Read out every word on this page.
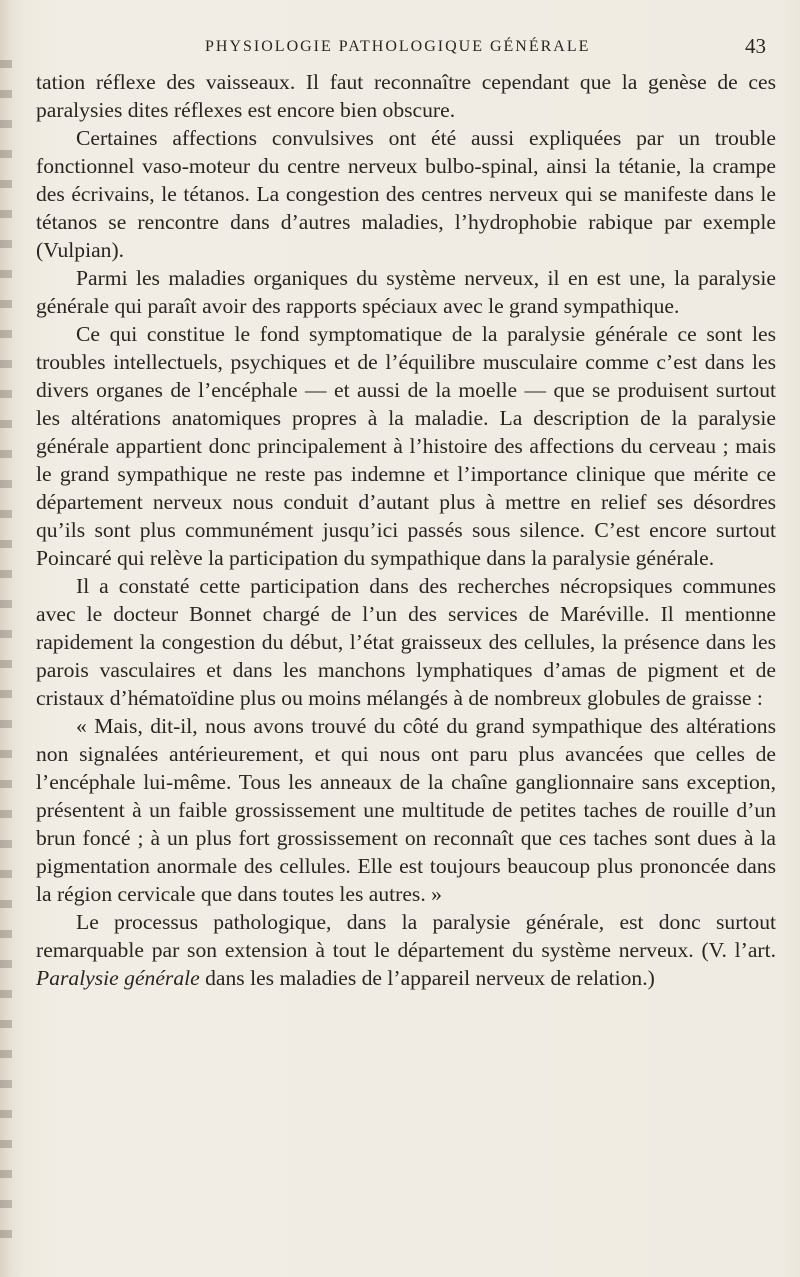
PHYSIOLOGIE PATHOLOGIQUE GÉNÉRALE	43

tation réflexe des vaisseaux. Il faut reconnaître cependant que la genèse de ces paralysies dites réflexes est encore bien obscure.

Certaines affections convulsives ont été aussi expliquées par un trouble fonctionnel vaso-moteur du centre nerveux bulbo-spinal, ainsi la tétanie, la crampe des écrivains, le tétanos. La congestion des centres nerveux qui se manifeste dans le tétanos se rencontre dans d’autres maladies, l’hydrophobie rabique par exemple (Vulpian).

Parmi les maladies organiques du système nerveux, il en est une, la paralysie générale qui paraît avoir des rapports spéciaux avec le grand sympathique.

Ce qui constitue le fond symptomatique de la paralysie générale ce sont les troubles intellectuels, psychiques et de l’équilibre musculaire comme c’est dans les divers organes de l’encéphale — et aussi de la moelle — que se produisent surtout les altérations anatomiques propres à la maladie. La description de la paralysie générale appartient donc principalement à l’histoire des affections du cerveau ; mais le grand sympathique ne reste pas indemne et l’importance clinique que mérite ce département nerveux nous conduit d’autant plus à mettre en relief ses désordres qu’ils sont plus communément jusqu’ici passés sous silence. C’est encore surtout Poincaré qui relève la participation du sympathique dans la paralysie générale.

Il a constaté cette participation dans des recherches nécropsiques communes avec le docteur Bonnet chargé de l’un des services de Maréville. Il mentionne rapidement la congestion du début, l’état graisseux des cellules, la présence dans les parois vasculaires et dans les manchons lymphatiques d’amas de pigment et de cristaux d’hématoïdine plus ou moins mélangés à de nombreux globules de graisse :

« Mais, dit-il, nous avons trouvé du côté du grand sympathique des altérations non signalées antérieurement, et qui nous ont paru plus avancées que celles de l’encéphale lui-même. Tous les anneaux de la chaîne ganglionnaire sans exception, présentent à un faible grossissement une multitude de petites taches de rouille d’un brun foncé ; à un plus fort grossissement on reconnaît que ces taches sont dues à la pigmentation anormale des cellules. Elle est toujours beaucoup plus prononcée dans la région cervicale que dans toutes les autres. »

Le processus pathologique, dans la paralysie générale, est donc surtout remarquable par son extension à tout le département du système nerveux. (V. l’art. Paralysie générale dans les maladies de l’appareil nerveux de relation.)
